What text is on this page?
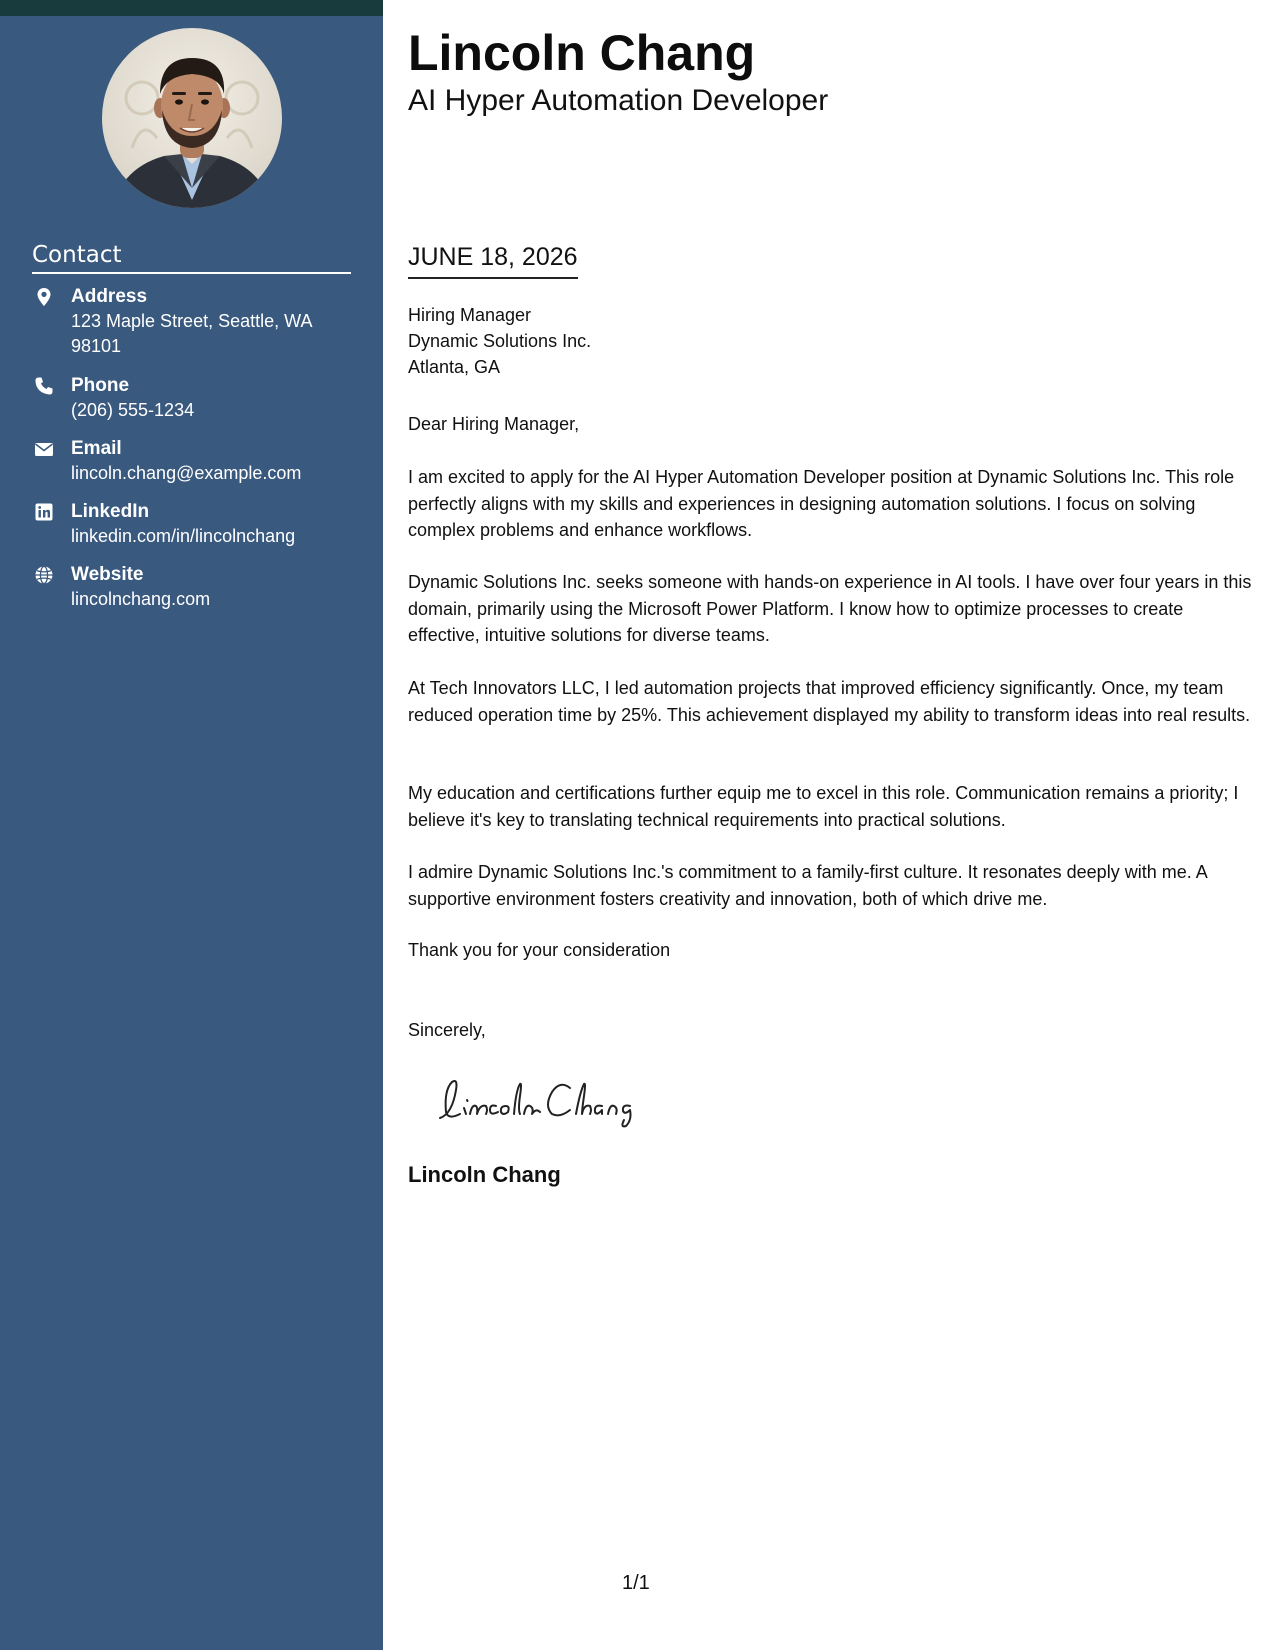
Contact
Address
123 Maple Street, Seattle, WA 98101
Phone
(206) 555-1234
Email
lincoln.chang@example.com
LinkedIn
linkedin.com/in/lincolnchang
Website
lincolnchang.com
Lincoln Chang
AI Hyper Automation Developer
JUNE 18, 2026
Hiring Manager
Dynamic Solutions Inc.
Atlanta, GA
Dear Hiring Manager,

I am excited to apply for the AI Hyper Automation Developer position at Dynamic Solutions Inc. This role perfectly aligns with my skills and experiences in designing automation solutions. I focus on solving complex problems and enhance workflows.

Dynamic Solutions Inc. seeks someone with hands-on experience in AI tools. I have over four years in this domain, primarily using the Microsoft Power Platform. I know how to optimize processes to create effective, intuitive solutions for diverse teams.

At Tech Innovators LLC, I led automation projects that improved efficiency significantly. Once, my team reduced operation time by 25%. This achievement displayed my ability to transform ideas into real results.

My education and certifications further equip me to excel in this role. Communication remains a priority; I believe it's key to translating technical requirements into practical solutions.

I admire Dynamic Solutions Inc.'s commitment to a family-first culture. It resonates deeply with me. A supportive environment fosters creativity and innovation, both of which drive me.

Thank you for your consideration
Sincerely,
Lincoln Chang
1/1
